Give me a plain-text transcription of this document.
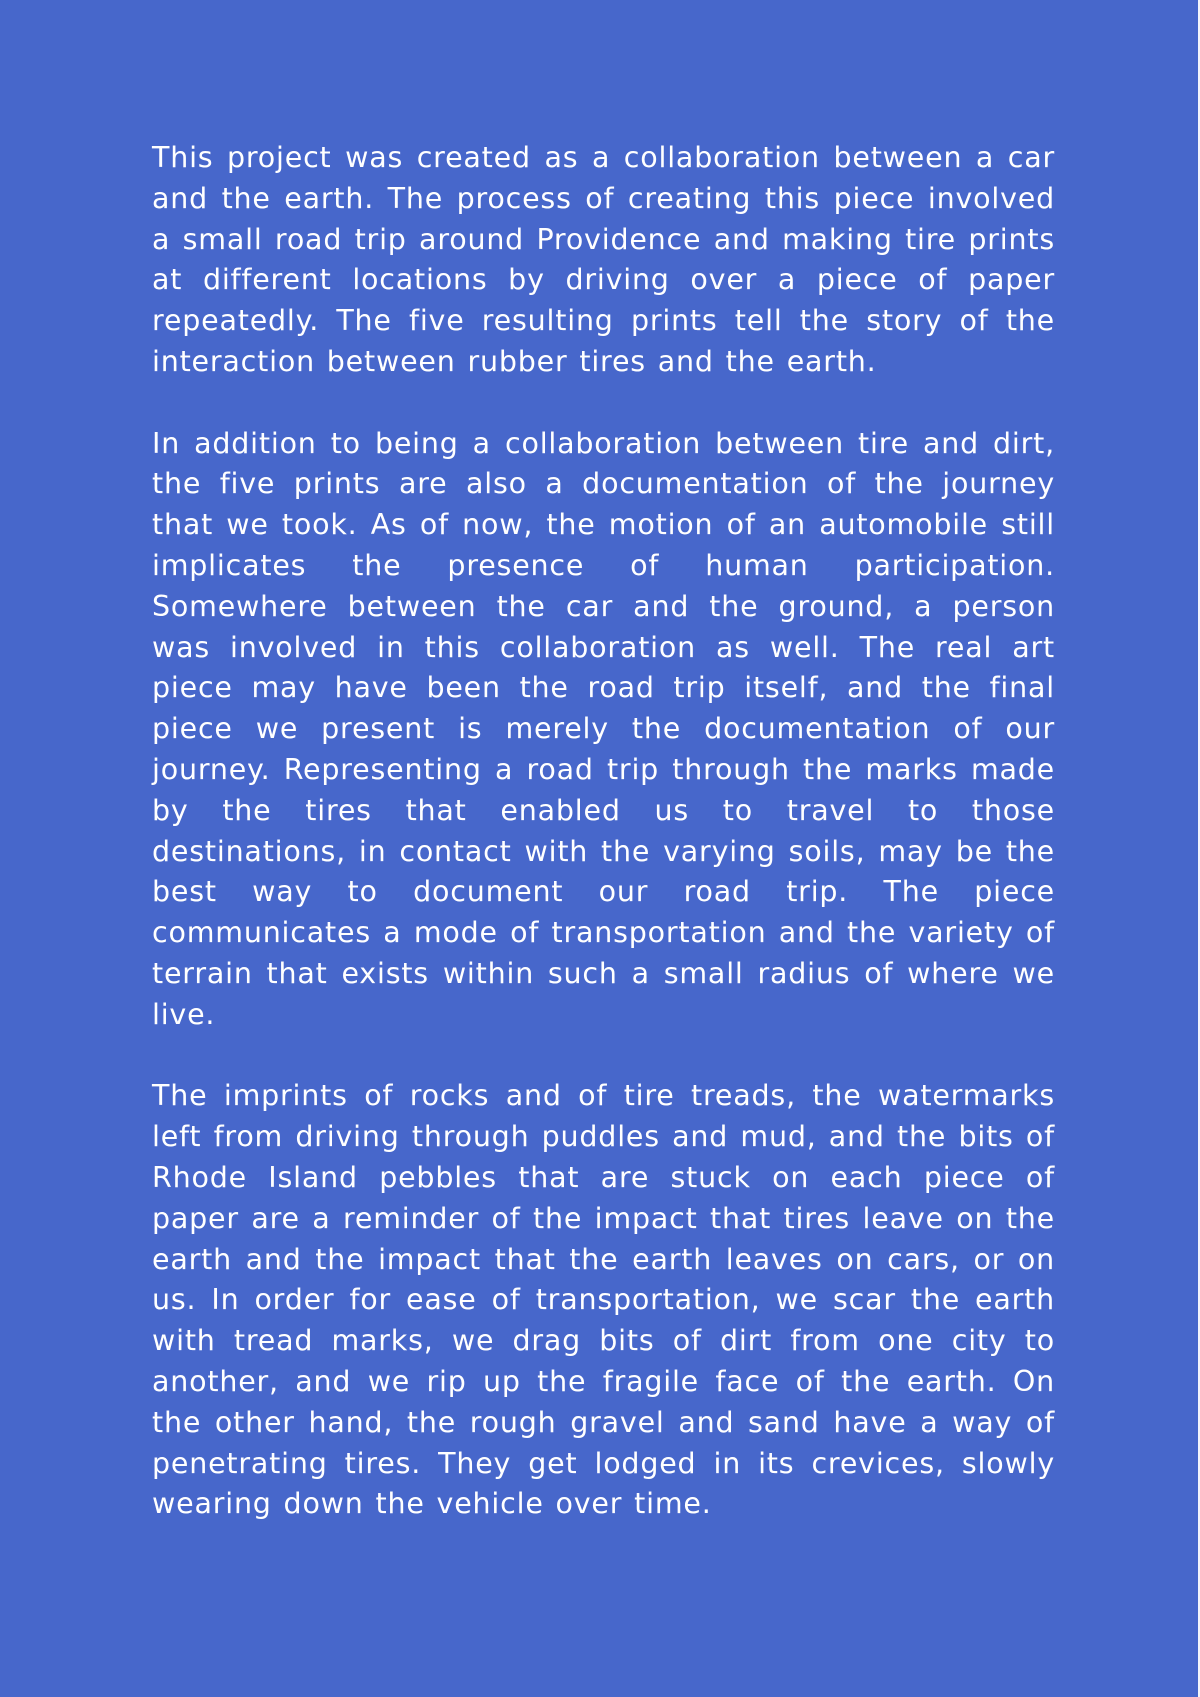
This project was created as a collaboration between a car and the earth. The process of creating this piece involved a small road trip around Providence and making tire prints at different locations by driving over a piece of paper repeatedly. The five resulting prints tell the story of the interaction between rubber tires and the earth.

In addition to being a collaboration between tire and dirt, the five prints are also a documentation of the journey that we took. As of now, the motion of an automobile still implicates the presence of human participation. Somewhere between the car and the ground, a person was involved in this collaboration as well. The real art piece may have been the road trip itself, and the final piece we present is merely the documentation of our journey. Representing a road trip through the marks made by the tires that enabled us to travel to those destinations, in contact with the varying soils, may be the best way to document our road trip. The piece communicates a mode of transportation and the variety of terrain that exists within such a small radius of where we live.

The imprints of rocks and of tire treads, the watermarks left from driving through puddles and mud, and the bits of Rhode Island pebbles that are stuck on each piece of paper are a reminder of the impact that tires leave on the earth and the impact that the earth leaves on cars, or on us. In order for ease of transportation, we scar the earth with tread marks, we drag bits of dirt from one city to another, and we rip up the fragile face of the earth. On the other hand, the rough gravel and sand have a way of penetrating tires. They get lodged in its crevices, slowly wearing down the vehicle over time.
